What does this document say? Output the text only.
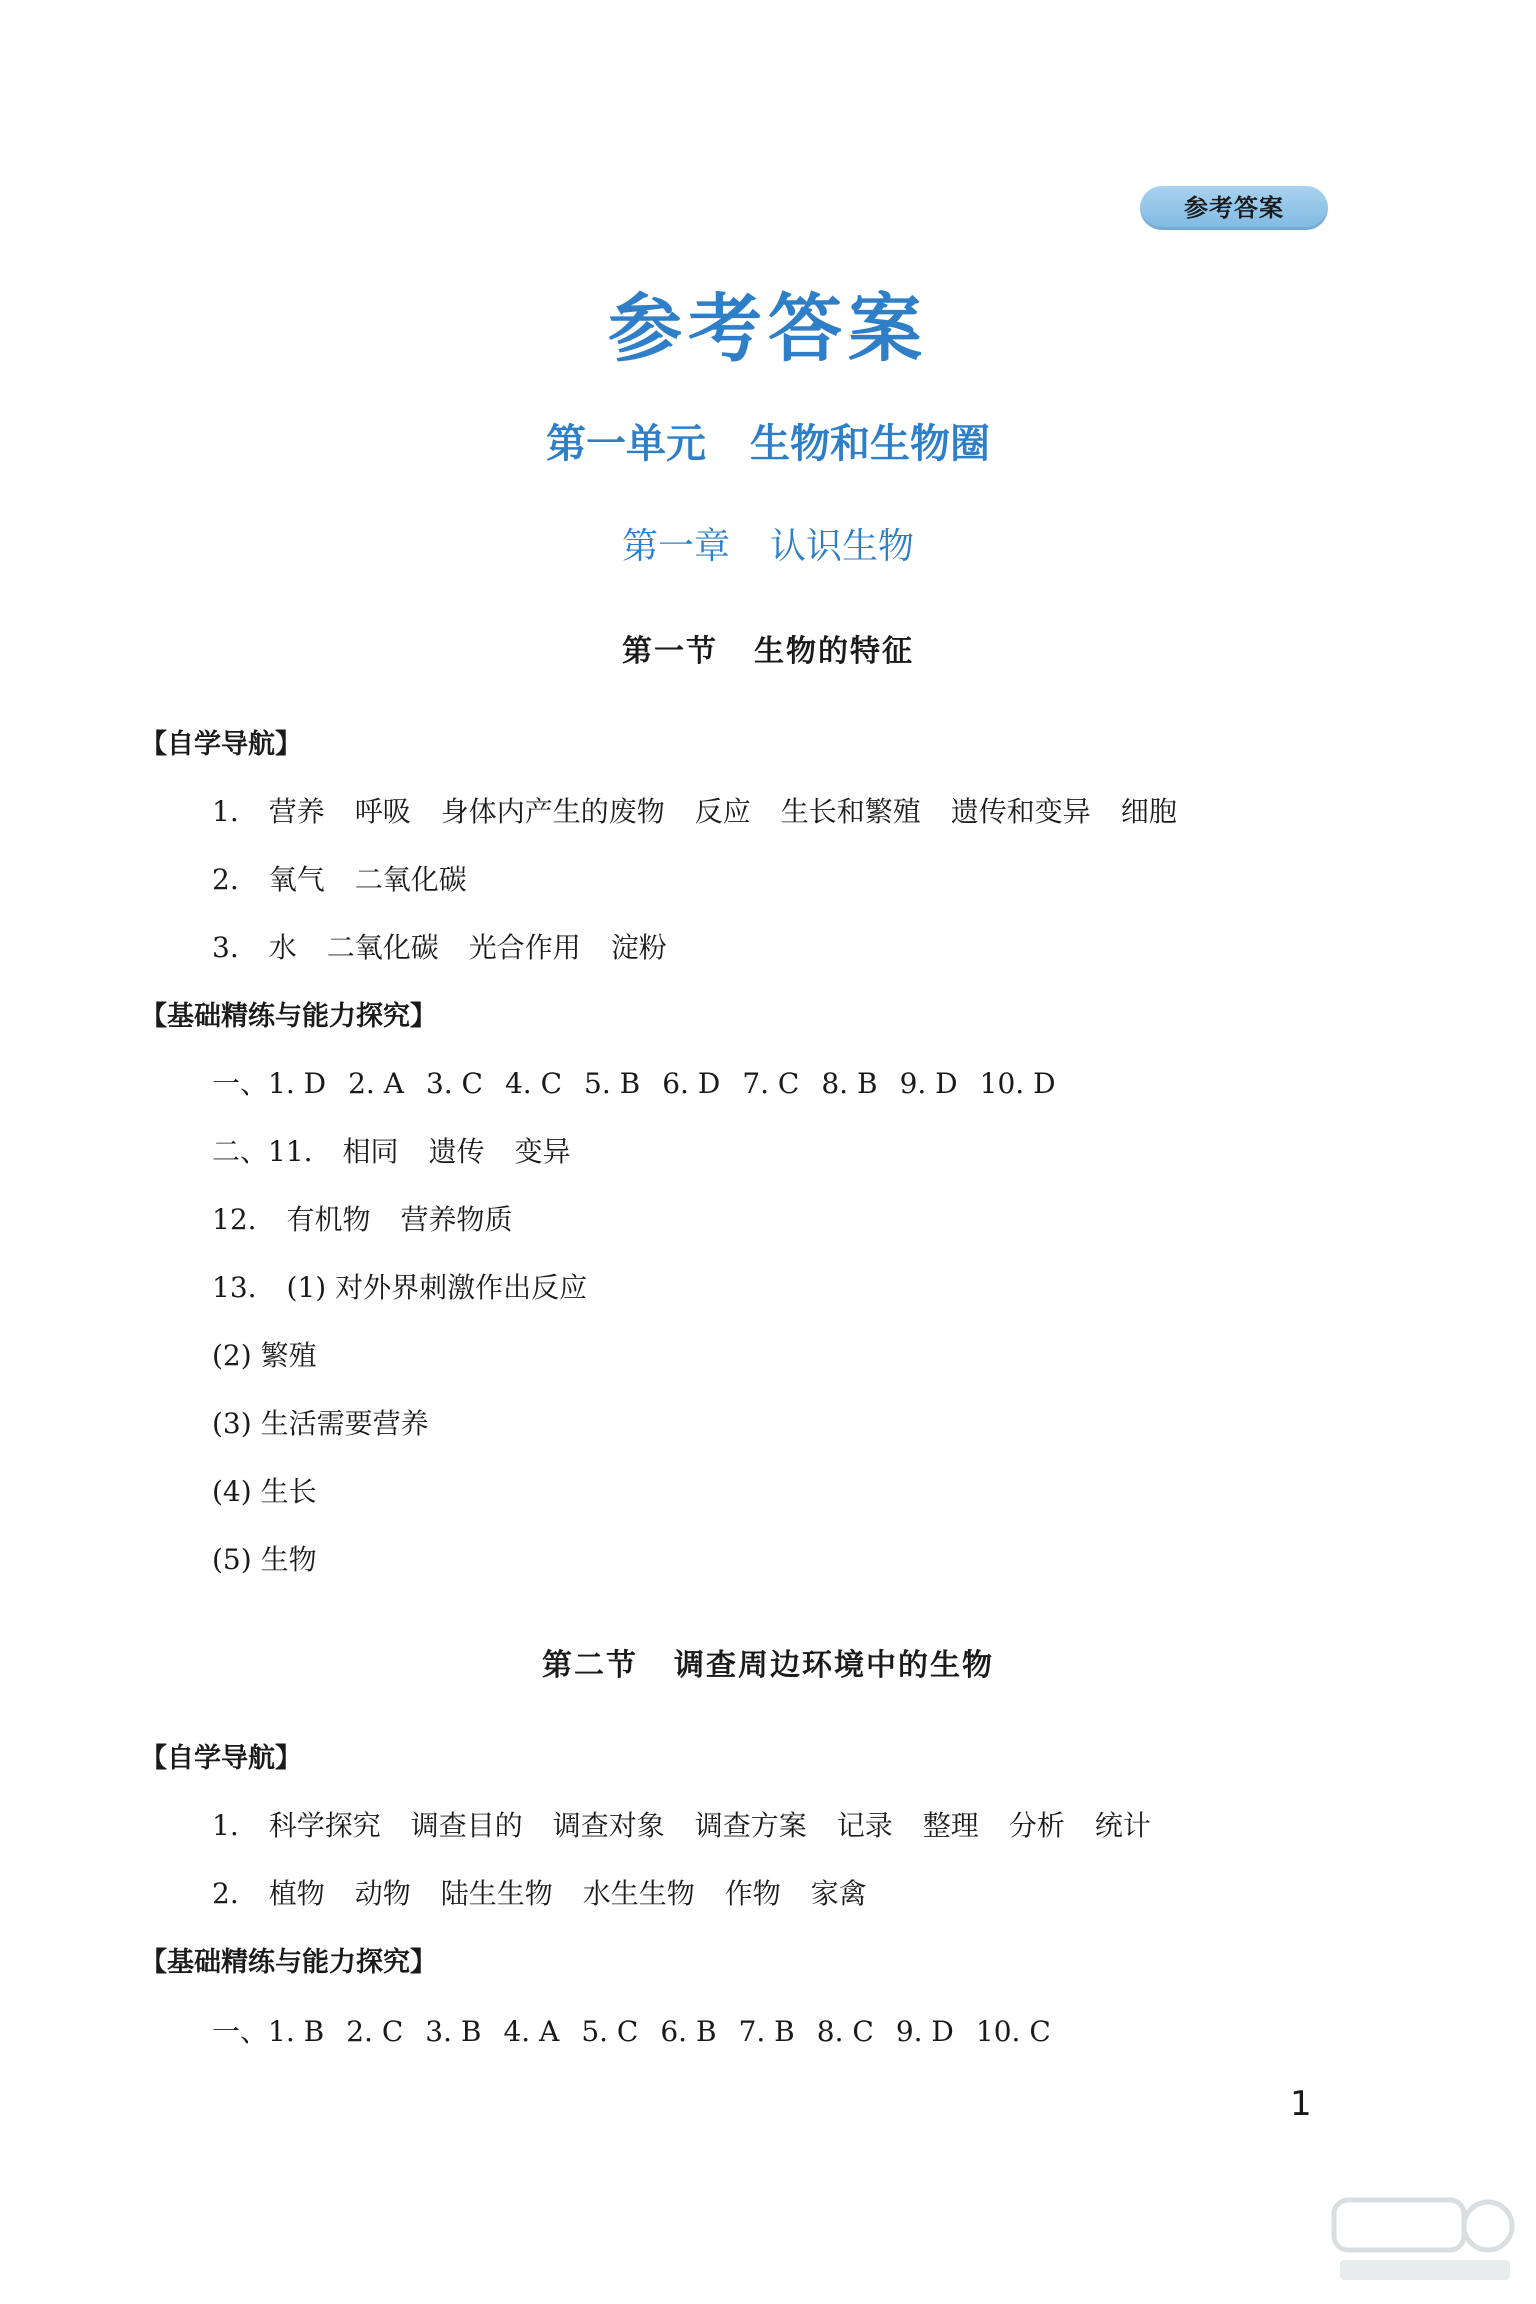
参考答案
参考答案
第一单元 生物和生物圈
第一章 认识生物
第一节 生物的特征
【自学导航】
1. 营养 呼吸 身体内产生的废物 反应 生长和繁殖 遗传和变异 细胞
2. 氧气 二氧化碳
3. 水 二氧化碳 光合作用 淀粉
【基础精练与能力探究】
一、1. D 2. A 3. C 4. C 5. B 6. D 7. C 8. B 9. D 10. D
二、11. 相同 遗传 变异
12. 有机物 营养物质
13. (1) 对外界刺激作出反应
(2) 繁殖
(3) 生活需要营养
(4) 生长
(5) 生物
第二节 调查周边环境中的生物
【自学导航】
1. 科学探究 调查目的 调查对象 调查方案 记录 整理 分析 统计
2. 植物 动物 陆生生物 水生生物 作物 家禽
【基础精练与能力探究】
一、1. B 2. C 3. B 4. A 5. C 6. B 7. B 8. C 9. D 10. C
1
